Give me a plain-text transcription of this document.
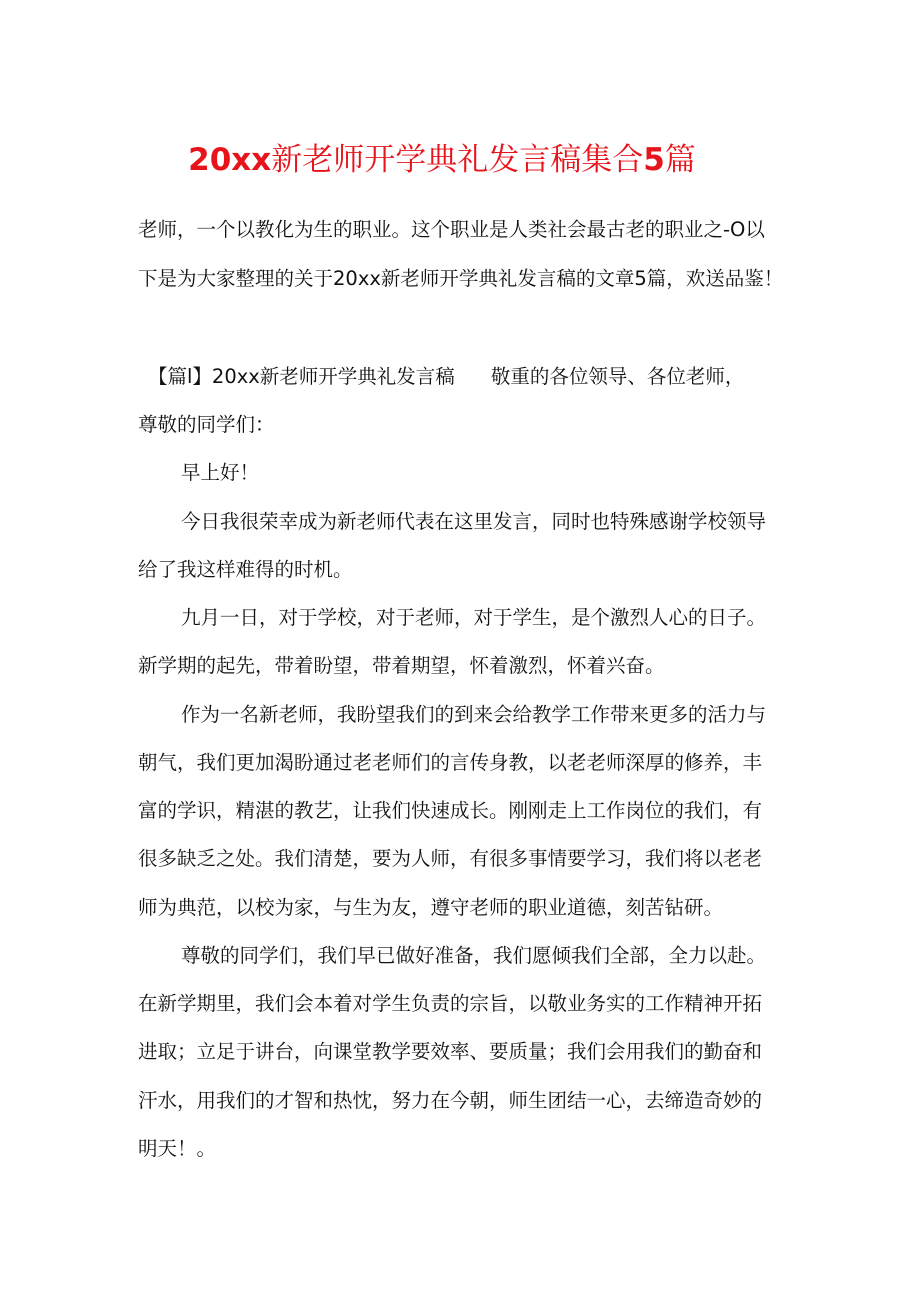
20xx新老师开学典礼发言稿集合5篇
老师，一个以教化为生的职业。这个职业是人类社会最古老的职业之-O以
下是为大家整理的关于20xx新老师开学典礼发言稿的文章5篇，欢送品鉴！
【篇l】20xx新老师开学典礼发言稿 敬重的各位领导、各位老师，
尊敬的同学们：
早上好！
今日我很荣幸成为新老师代表在这里发言，同时也特殊感谢学校领导
给了我这样难得的时机。
九月一日，对于学校，对于老师，对于学生，是个激烈人心的日子。
新学期的起先，带着盼望，带着期望，怀着激烈，怀着兴奋。
作为一名新老师，我盼望我们的到来会给教学工作带来更多的活力与
朝气，我们更加渴盼通过老老师们的言传身教，以老老师深厚的修养，丰
富的学识，精湛的教艺，让我们快速成长。刚刚走上工作岗位的我们，有
很多缺乏之处。我们清楚，要为人师，有很多事情要学习，我们将以老老
师为典范，以校为家，与生为友，遵守老师的职业道德，刻苦钻研。
尊敬的同学们，我们早已做好准备，我们愿倾我们全部，全力以赴。
在新学期里，我们会本着对学生负责的宗旨，以敬业务实的工作精神开拓
进取；立足于讲台，向课堂教学要效率、要质量；我们会用我们的勤奋和
汗水，用我们的才智和热忱，努力在今朝，师生团结一心，去缔造奇妙的
明天！。
